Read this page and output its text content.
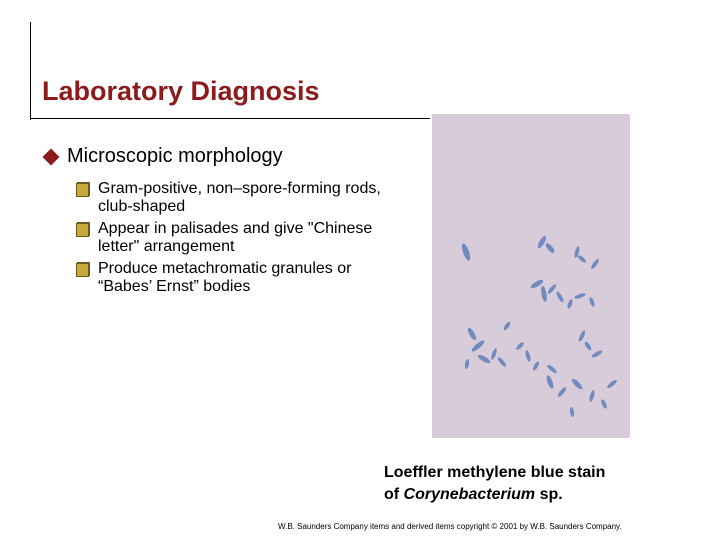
Laboratory Diagnosis
Microscopic morphology
Gram-positive, non–spore-forming rods, club-shaped
Appear in palisades and give "Chinese letter" arrangement
Produce metachromatic granules or “Babes’ Ernst” bodies
Loeffler methylene blue stain
of Corynebacterium sp.
W.B. Saunders Company items and derived items copyright © 2001 by W.B. Saunders Company.
